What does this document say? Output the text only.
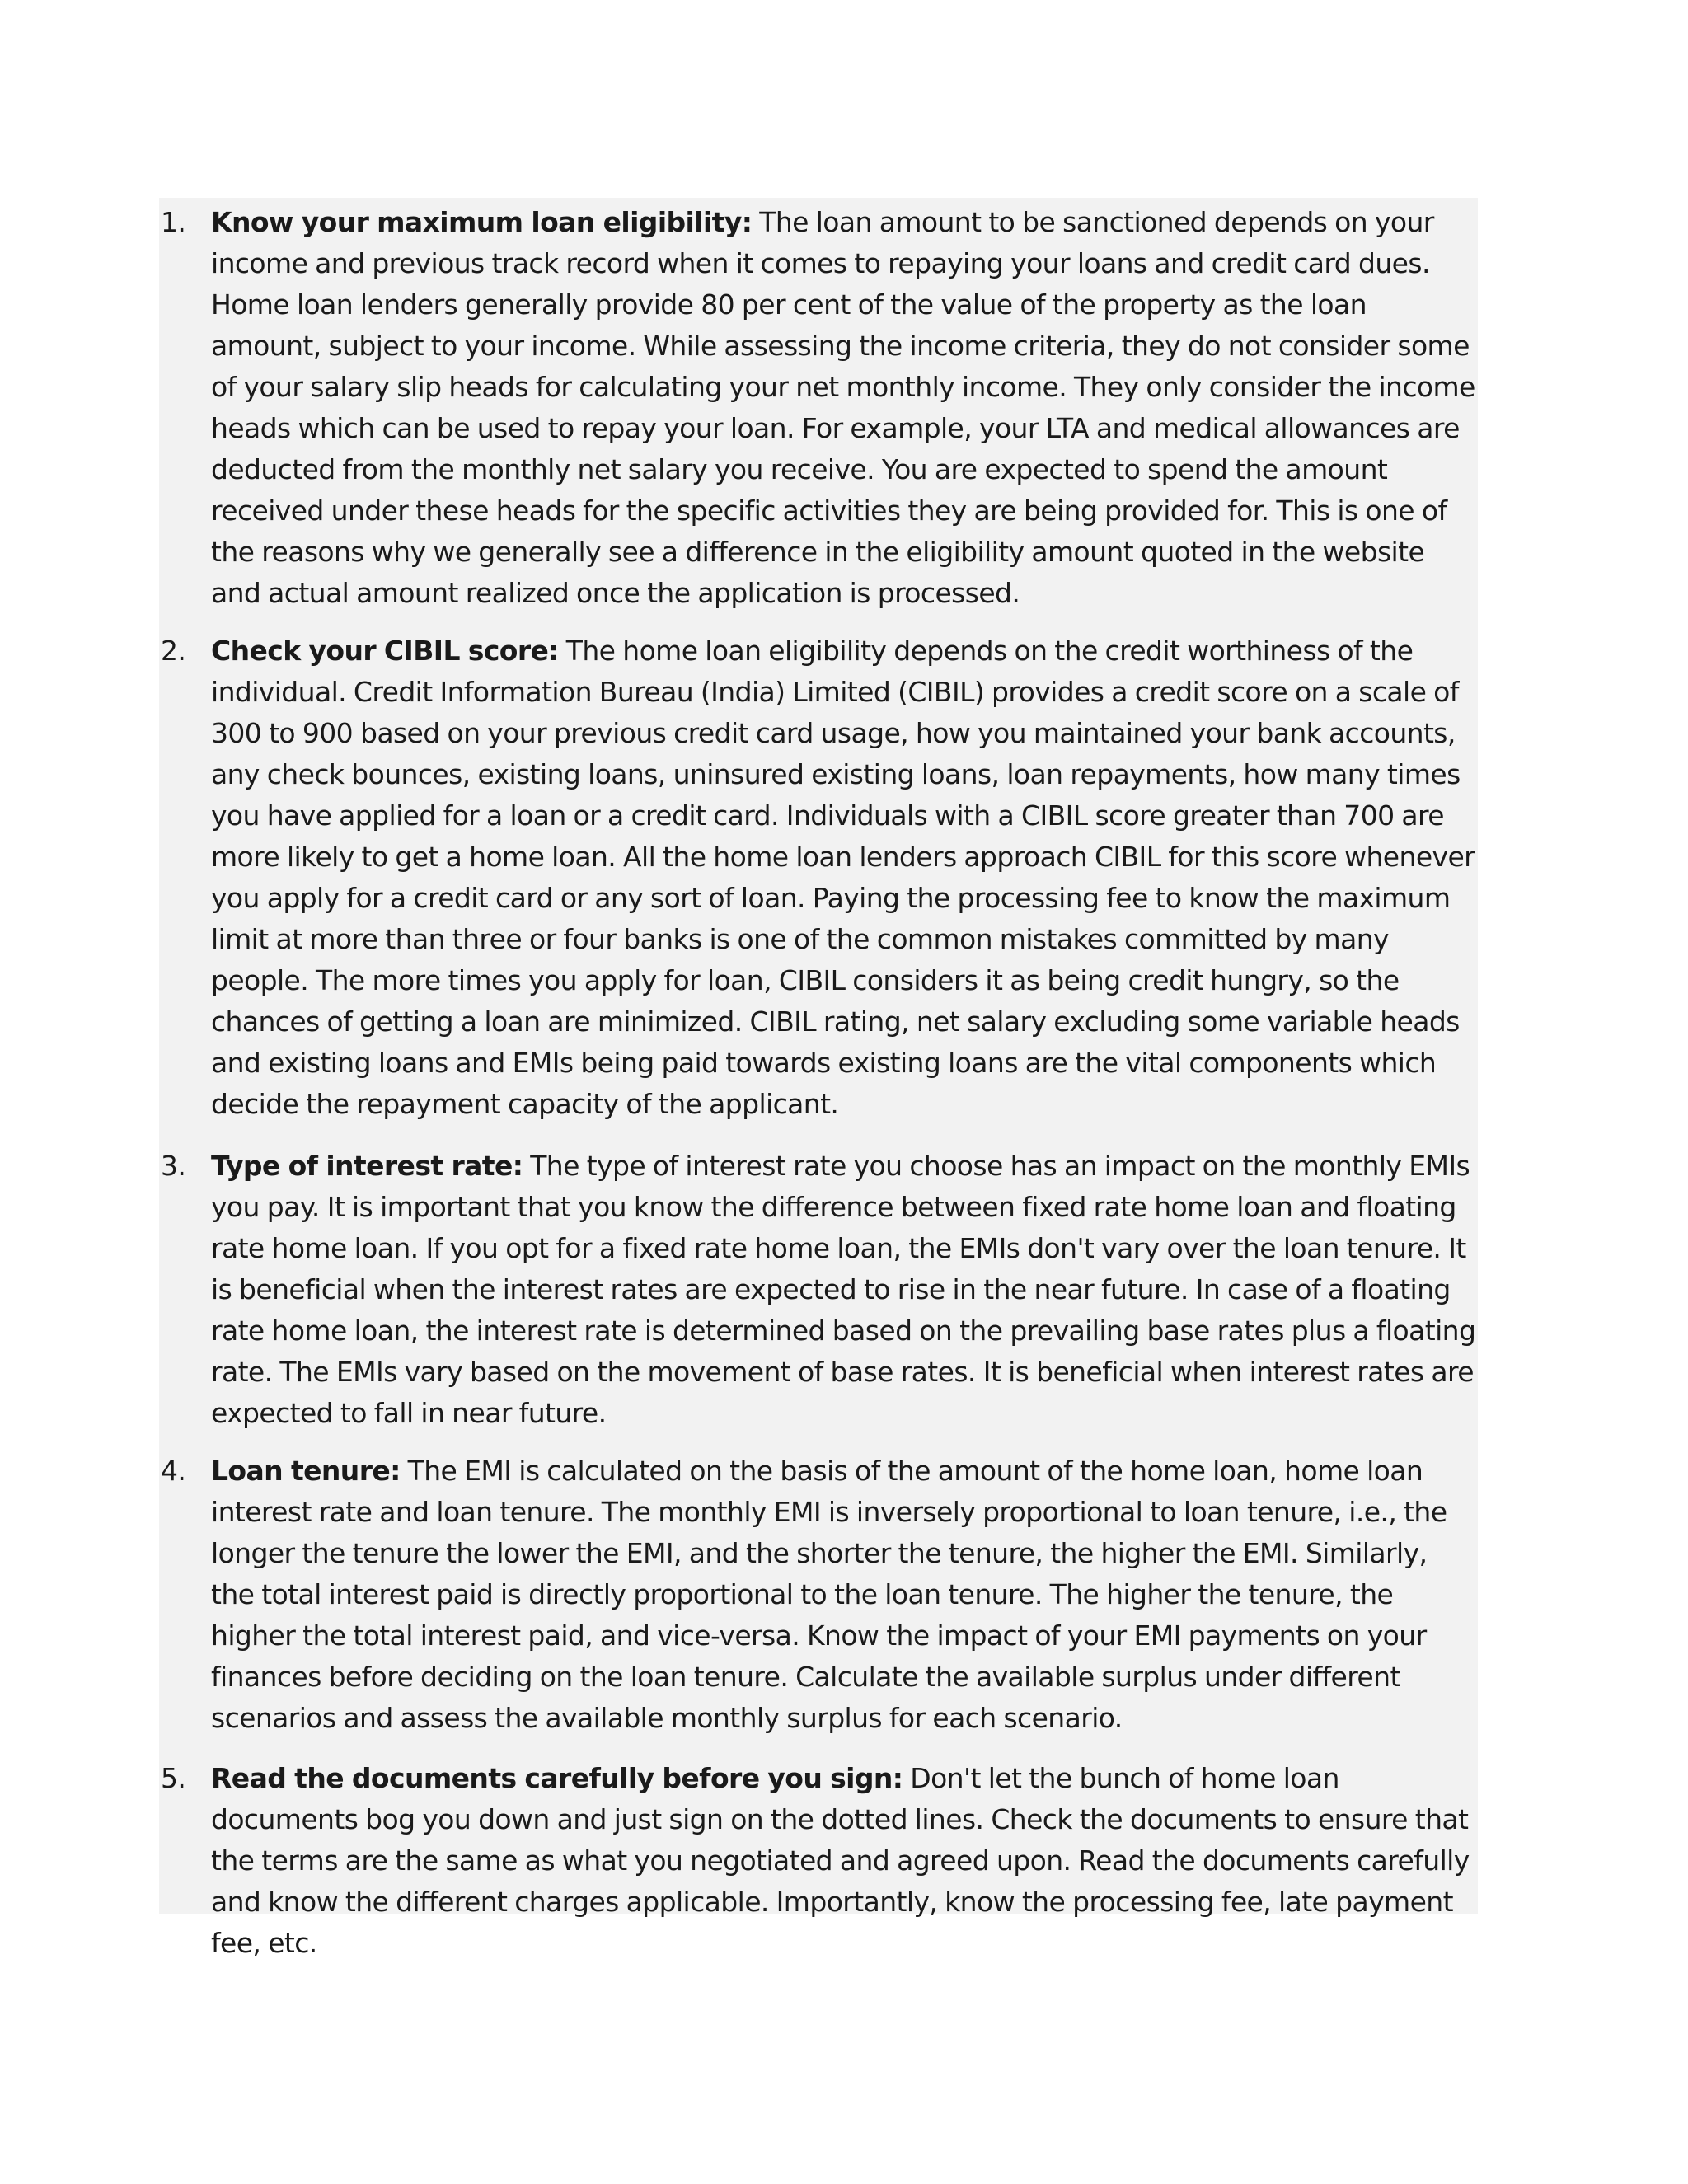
1. Know your maximum loan eligibility: The loan amount to be sanctioned depends on your income and previous track record when it comes to repaying your loans and credit card dues. Home loan lenders generally provide 80 per cent of the value of the property as the loan amount, subject to your income. While assessing the income criteria, they do not consider some of your salary slip heads for calculating your net monthly income. They only consider the income heads which can be used to repay your loan. For example, your LTA and medical allowances are deducted from the monthly net salary you receive. You are expected to spend the amount received under these heads for the specific activities they are being provided for. This is one of the reasons why we generally see a difference in the eligibility amount quoted in the website and actual amount realized once the application is processed.
2. Check your CIBIL score: The home loan eligibility depends on the credit worthiness of the individual. Credit Information Bureau (India) Limited (CIBIL) provides a credit score on a scale of 300 to 900 based on your previous credit card usage, how you maintained your bank accounts, any check bounces, existing loans, uninsured existing loans, loan repayments, how many times you have applied for a loan or a credit card. Individuals with a CIBIL score greater than 700 are more likely to get a home loan. All the home loan lenders approach CIBIL for this score whenever you apply for a credit card or any sort of loan. Paying the processing fee to know the maximum limit at more than three or four banks is one of the common mistakes committed by many people. The more times you apply for loan, CIBIL considers it as being credit hungry, so the chances of getting a loan are minimized. CIBIL rating, net salary excluding some variable heads and existing loans and EMIs being paid towards existing loans are the vital components which decide the repayment capacity of the applicant.
3. Type of interest rate: The type of interest rate you choose has an impact on the monthly EMIs you pay. It is important that you know the difference between fixed rate home loan and floating rate home loan. If you opt for a fixed rate home loan, the EMIs don't vary over the loan tenure. It is beneficial when the interest rates are expected to rise in the near future. In case of a floating rate home loan, the interest rate is determined based on the prevailing base rates plus a floating rate. The EMIs vary based on the movement of base rates. It is beneficial when interest rates are expected to fall in near future.
4. Loan tenure: The EMI is calculated on the basis of the amount of the home loan, home loan interest rate and loan tenure. The monthly EMI is inversely proportional to loan tenure, i.e., the longer the tenure the lower the EMI, and the shorter the tenure, the higher the EMI. Similarly, the total interest paid is directly proportional to the loan tenure. The higher the tenure, the higher the total interest paid, and vice-versa. Know the impact of your EMI payments on your finances before deciding on the loan tenure. Calculate the available surplus under different scenarios and assess the available monthly surplus for each scenario.
5. Read the documents carefully before you sign: Don't let the bunch of home loan documents bog you down and just sign on the dotted lines. Check the documents to ensure that the terms are the same as what you negotiated and agreed upon. Read the documents carefully and know the different charges applicable. Importantly, know the processing fee, late payment fee, etc.
